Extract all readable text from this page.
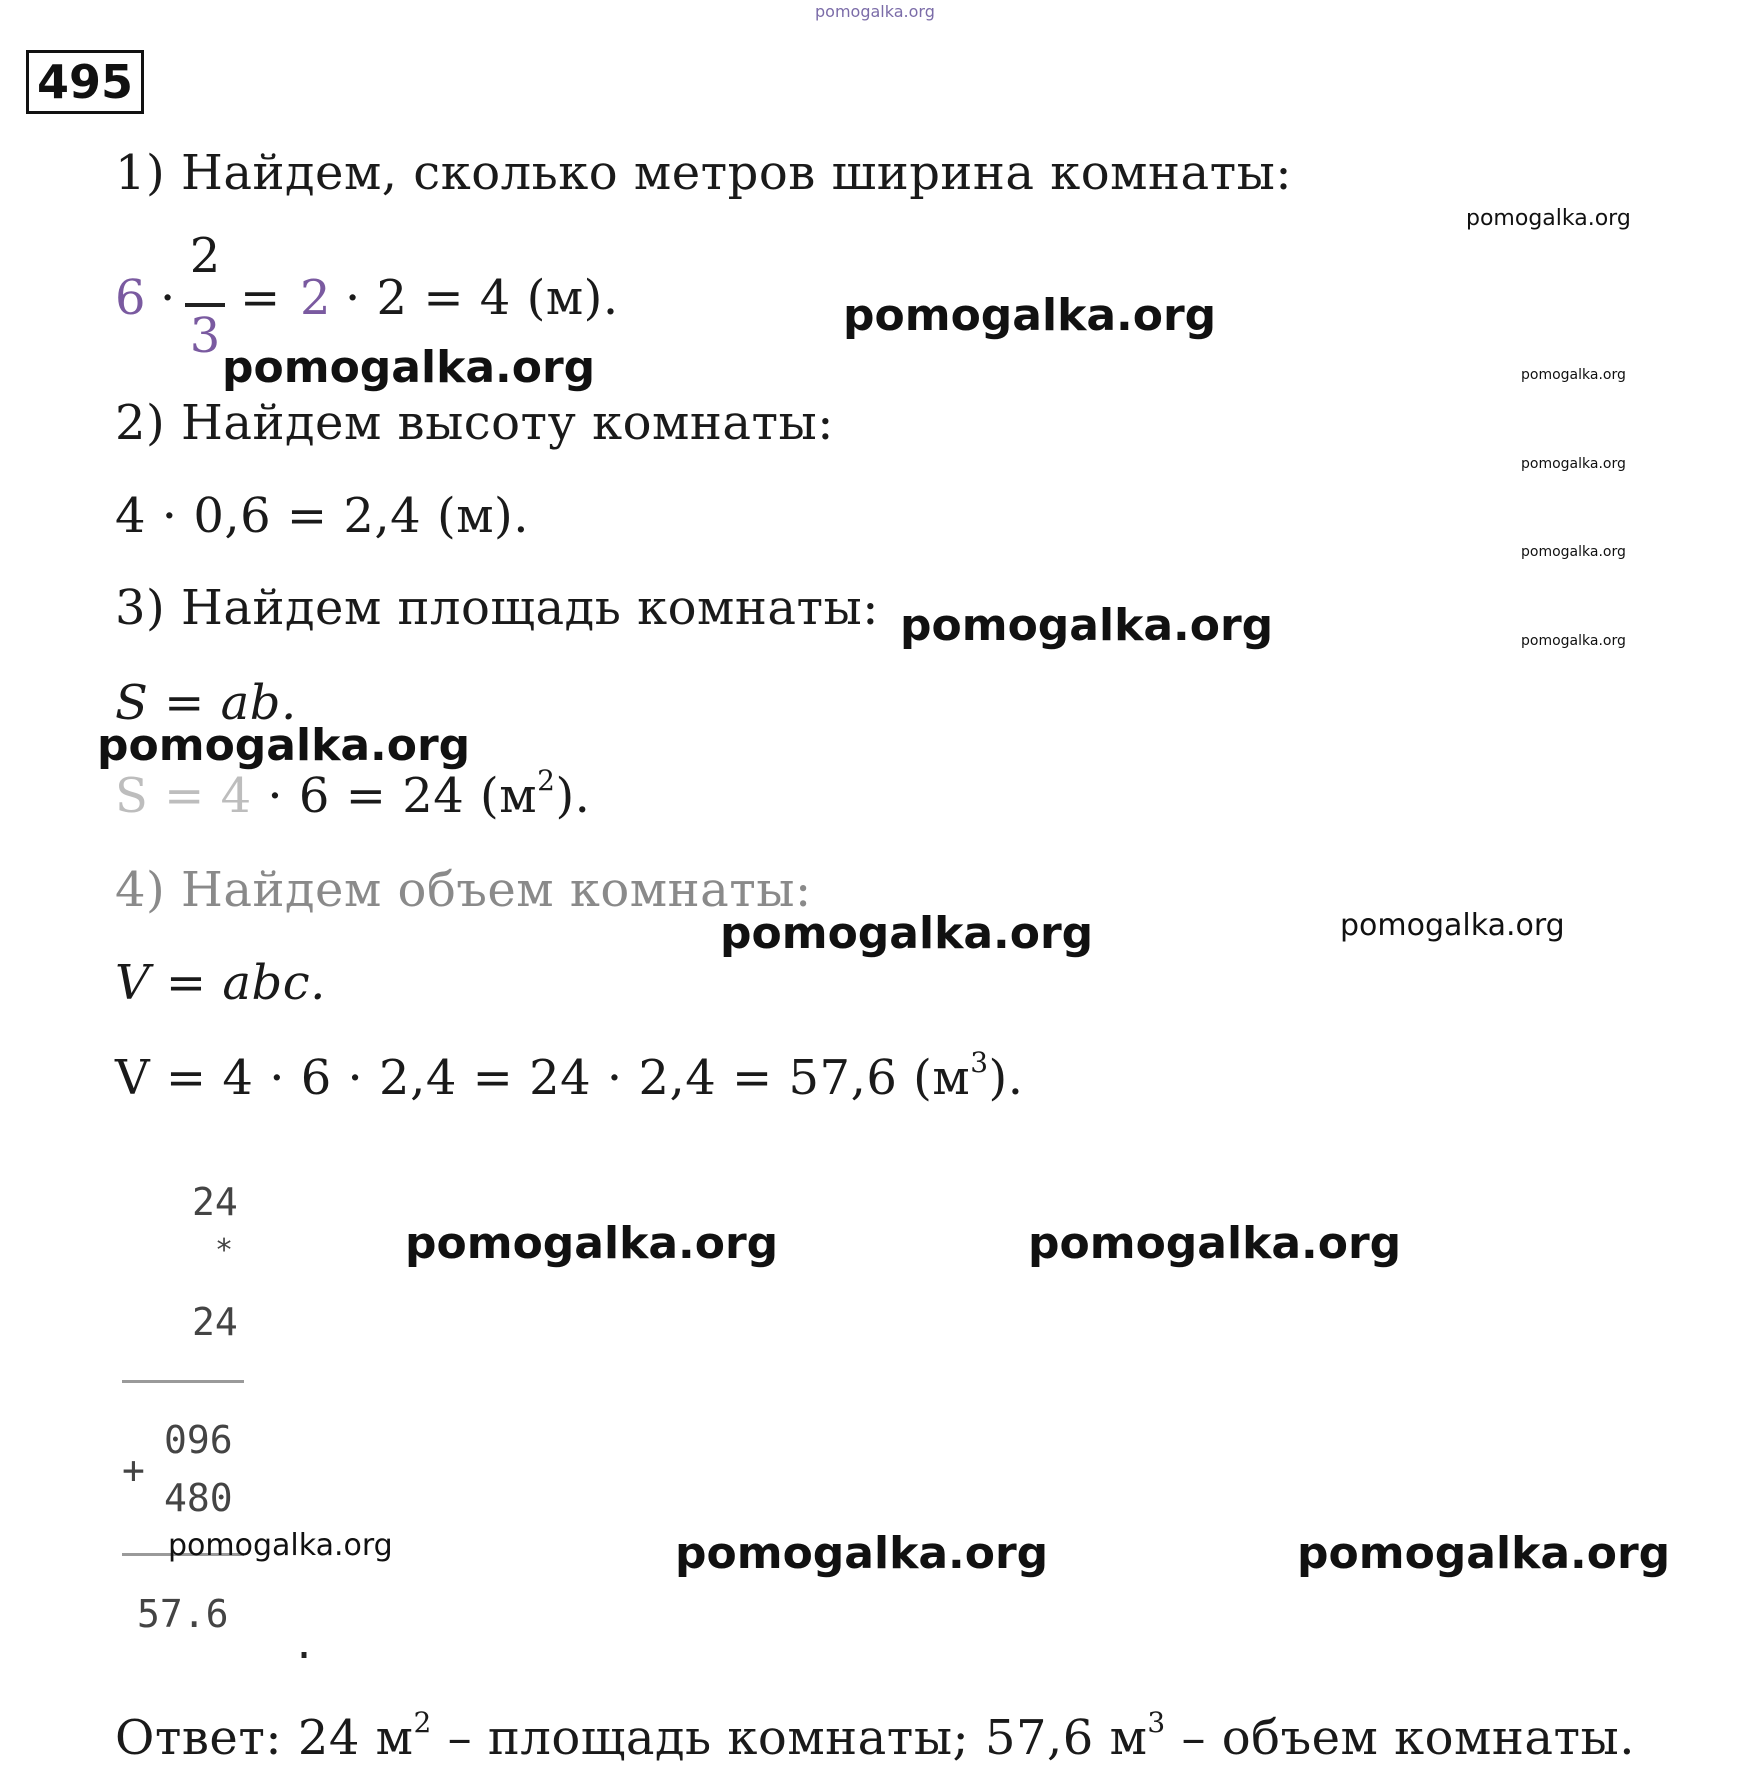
pomogalka.org
495
1) Найдем, сколько метров ширина комнаты:
6 ·
2
3
= 2 · 2 = 4 (м).
2) Найдем высоту комнаты:
4 · 0,6 = 2,4 (м).
3) Найдем площадь комнаты:
S = ab.
S = 4 · 6 = 24 $(м^2)$.
4) Найдем объем комнаты:
V = abc.
V = 4 · 6 · 2,4 = 24 · 2,4 = 57,6 $(м^3)$.
24
*
24
096
+
480
57.6
.
Ответ: 24 $м^2$ – площадь комнаты; 57,6 $м^3$ – объем комнаты.
pomogalka.org
pomogalka.org
pomogalka.org	pomogalka.org
pomogalka.org
pomogalka.org
pomogalka.org	pomogalka.org
pomogalka.org
pomogalka.org	pomogalka.org
pomogalka.org	pomogalka.org
pomogalka.org	pomogalka.org	pomogalka.org
